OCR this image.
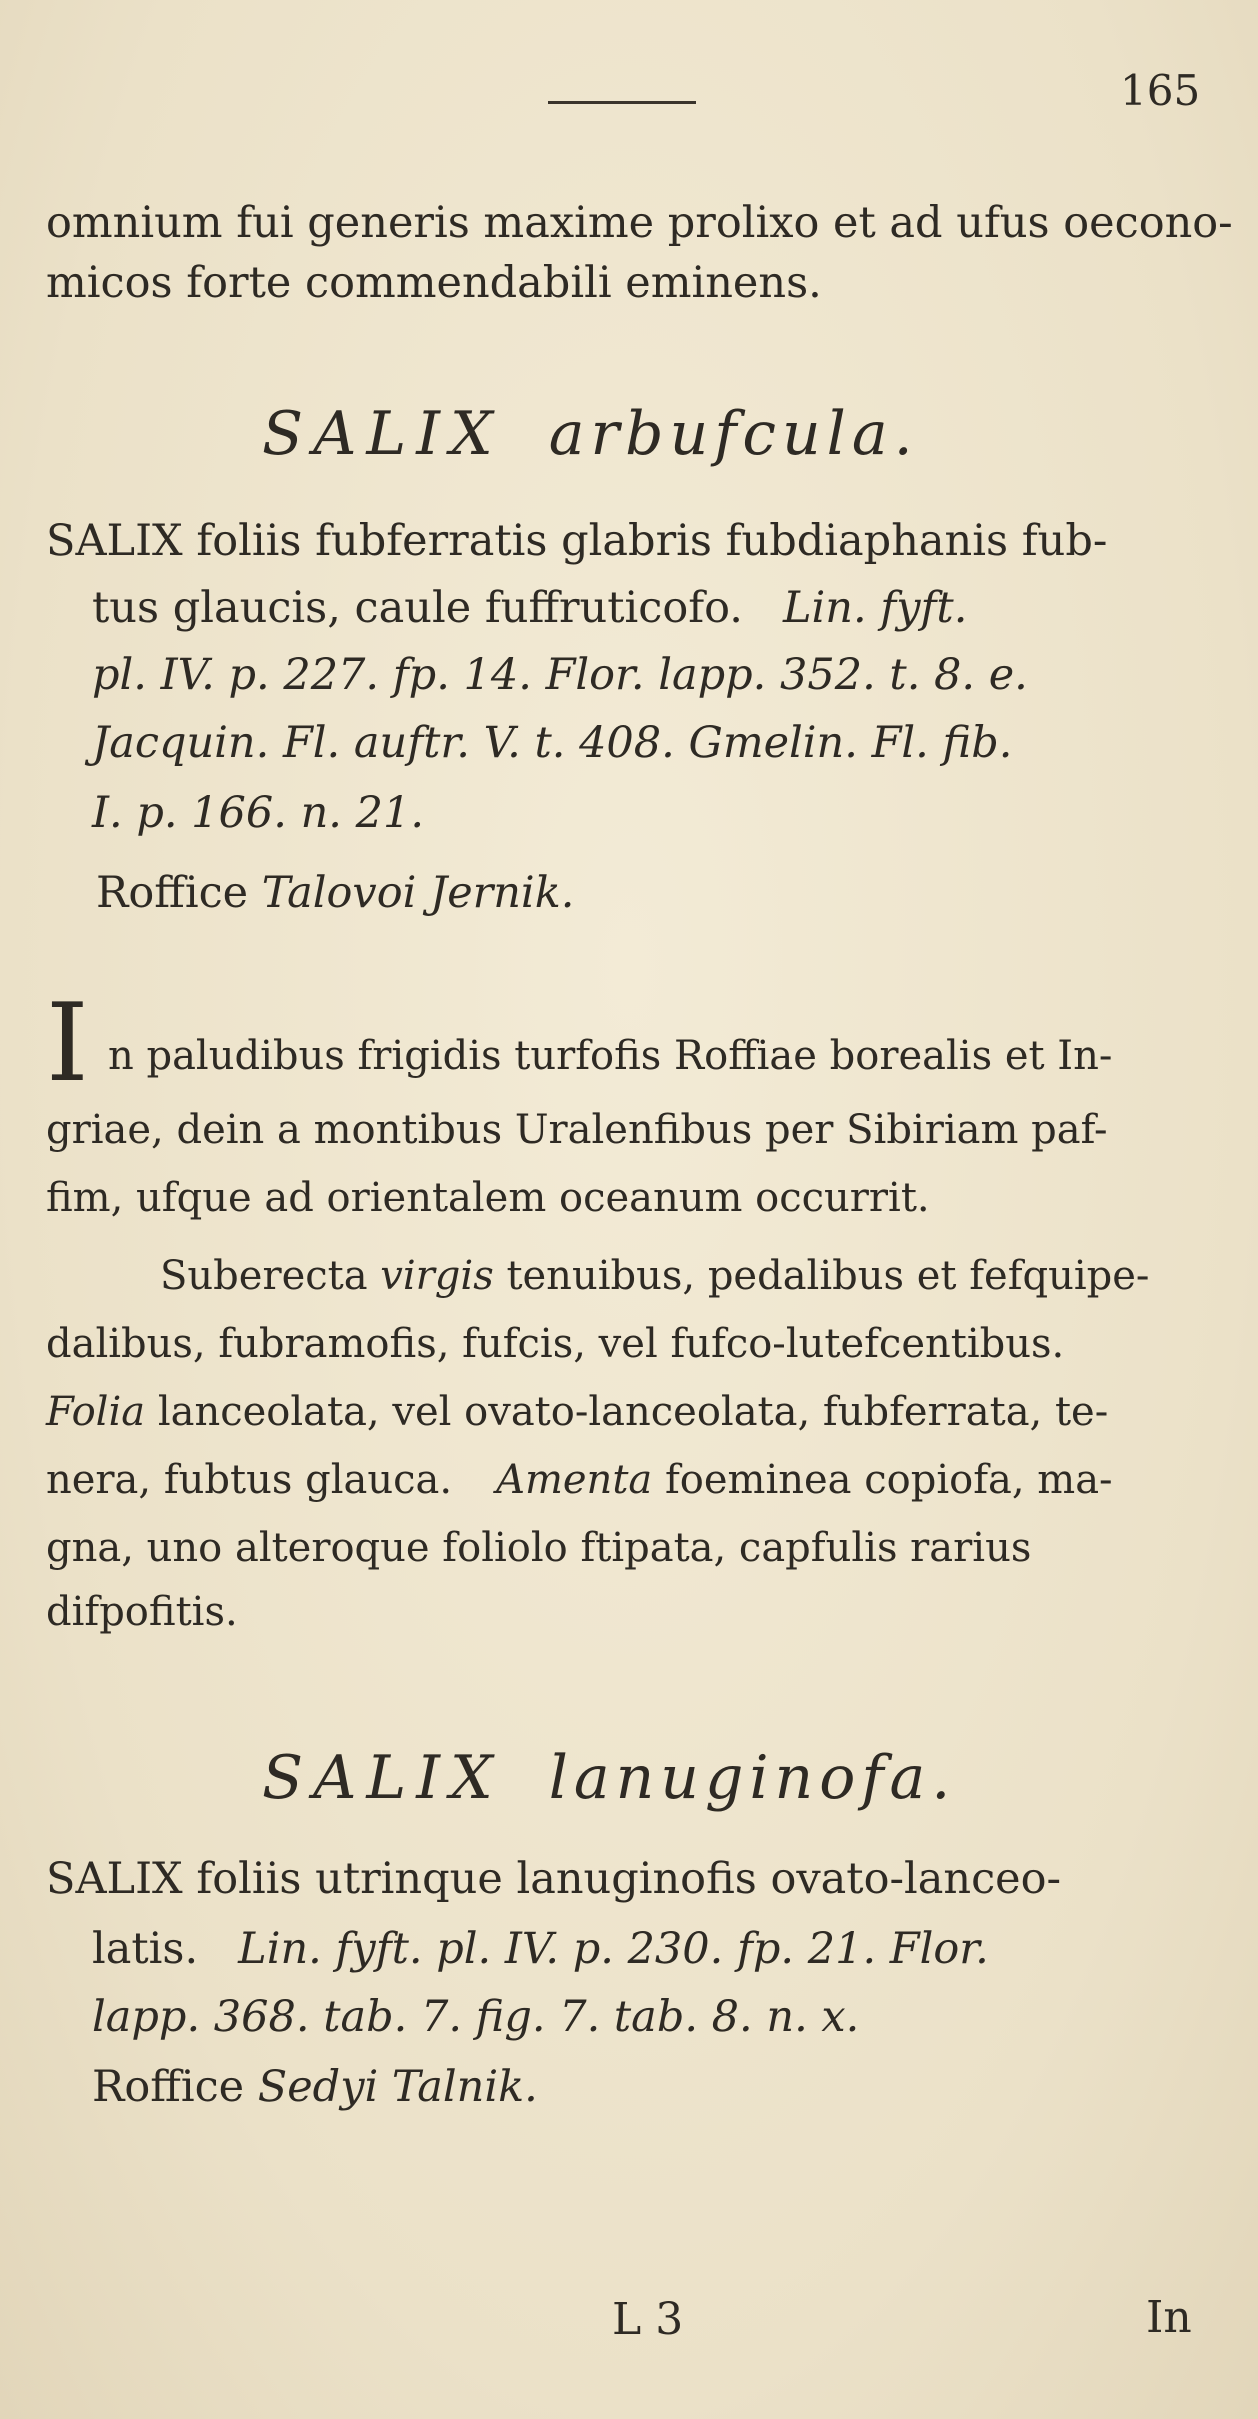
165
omnium fui generis maxime prolixo et ad ufus oecono-
micos forte commendabili eminens.
SALIX arbufcula.
SALIX foliis fubferratis glabris fubdiaphanis fub-
tus glaucis, caule fuffruticofo. Lin. fyft.
pl. IV. p. 227. fp. 14. Flor. lapp. 352. t. 8. e.
Jacquin. Fl. auftr. V. t. 408. Gmelin. Fl. fib.
I. p. 166. n. 21.
Roffice Talovoi Jernik.
I n paludibus frigidis turfofis Roffiae borealis et In-
griae, dein a montibus Uralenfibus per Sibiriam paf-
fim, ufque ad orientalem oceanum occurrit.
Suberecta virgis tenuibus, pedalibus et fefquipe-
dalibus, fubramofis, fufcis, vel fufco-lutefcentibus.
Folia lanceolata, vel ovato-lanceolata, fubferrata, te-
nera, fubtus glauca. Amenta foeminea copiofa, ma-
gna, uno alteroque foliolo ftipata, capfulis rarius
difpofitis.
SALIX lanuginofa.
SALIX foliis utrinque lanuginofis ovato-lanceo-
latis. Lin. fyft. pl. IV. p. 230. fp. 21. Flor.
lapp. 368. tab. 7. fig. 7. tab. 8. n. x.
Roffice Sedyi Talnik.
L 3	In
